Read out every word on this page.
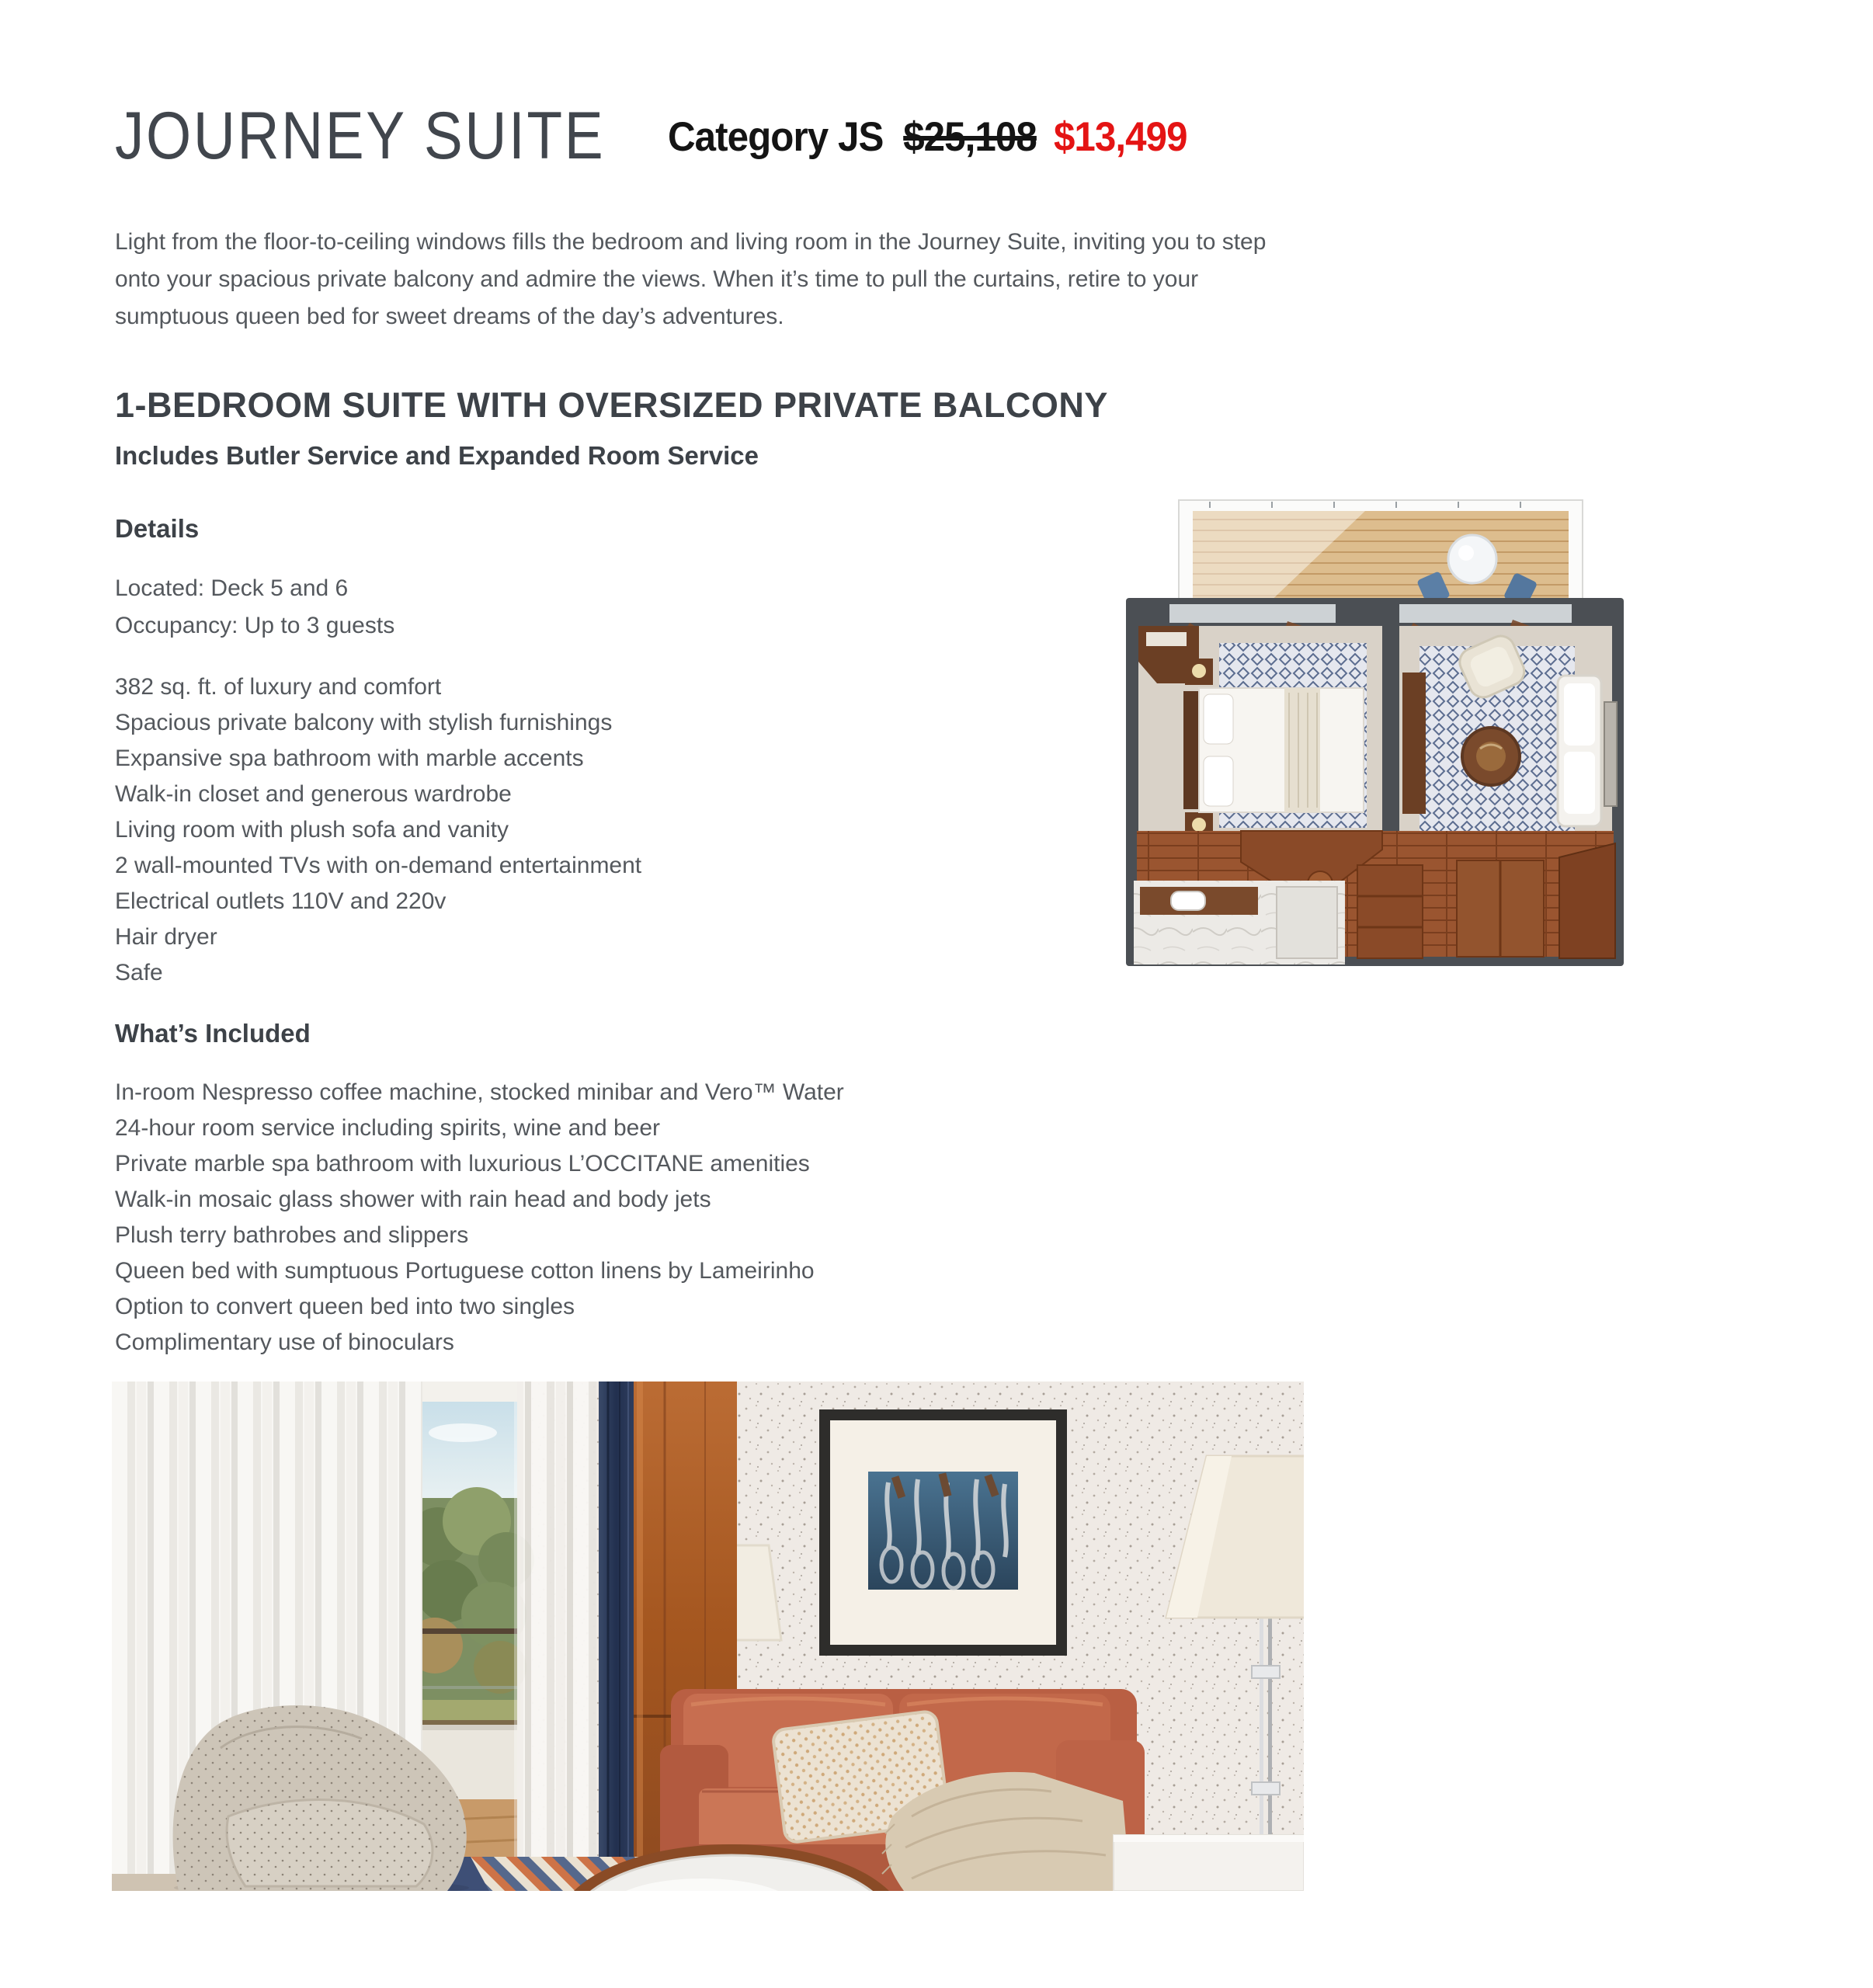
JOURNEY SUITE Category JS $25,108 $13,499

Light from the floor-to-ceiling windows fills the bedroom and living room in the Journey Suite, inviting you to step onto your spacious private balcony and admire the views. When it’s time to pull the curtains, retire to your sumptuous queen bed for sweet dreams of the day’s adventures.

1-BEDROOM SUITE WITH OVERSIZED PRIVATE BALCONY
Includes Butler Service and Expanded Room Service
Details
Located: Deck 5 and 6
Occupancy: Up to 3 guests
382 sq. ft. of luxury and comfort
Spacious private balcony with stylish furnishings
Expansive spa bathroom with marble accents
Walk-in closet and generous wardrobe
Living room with plush sofa and vanity
2 wall-mounted TVs with on-demand entertainment
Electrical outlets 110V and 220v
Hair dryer
Safe
What’s Included
In-room Nespresso coffee machine, stocked minibar and Vero™ Water
24-hour room service including spirits, wine and beer
Private marble spa bathroom with luxurious L’OCCITANE amenities
Walk-in mosaic glass shower with rain head and body jets
Plush terry bathrobes and slippers
Queen bed with sumptuous Portuguese cotton linens by Lameirinho
Option to convert queen bed into two singles
Complimentary use of binoculars
